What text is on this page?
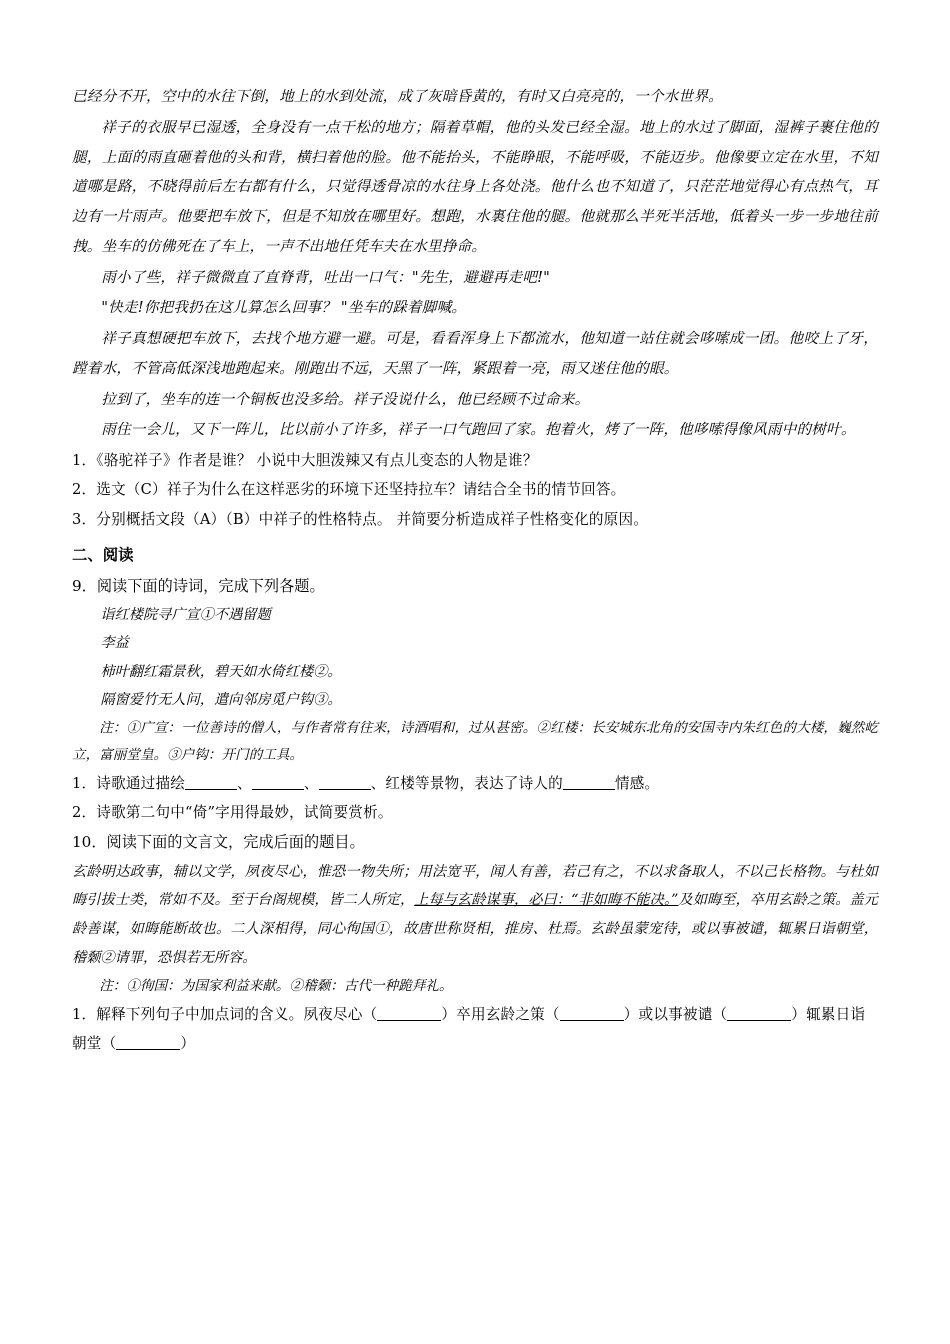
已经分不开，空中的水往下倒，地上的水到处流，成了灰暗昏黄的，有时又白亮亮的，一个水世界。

祥子的衣服早已湿透，全身没有一点干松的地方；隔着草帽，他的头发已经全湿。地上的水过了脚面，湿裤子裹住他的腿，上面的雨直砸着他的头和背，横扫着他的脸。他不能抬头，不能睁眼，不能呼吸，不能迈步。他像要立定在水里，不知道哪是路，不晓得前后左右都有什么，只觉得透骨凉的水往身上各处浇。他什么也不知道了，只茫茫地觉得心有点热气，耳边有一片雨声。他要把车放下，但是不知放在哪里好。想跑，水裏住他的腿。他就那么半死半活地，低着头一步一步地往前拽。坐车的仿佛死在了车上，一声不出地任凭车夫在水里挣命。

雨小了些，祥子微微直了直脊背，吐出一口气："先生，避避再走吧!"

"快走!你把我扔在这儿算怎么回事？ "坐车的跺着脚喊。

祥子真想硬把车放下，去找个地方避一避。可是，看看浑身上下都流水，他知道一站住就会哆嗦成一团。他咬上了牙，蹚着水，不管高低深浅地跑起来。刚跑出不远，天黑了一阵，紧跟着一亮，雨又迷住他的眼。

拉到了，坐车的连一个铜板也没多给。祥子没说什么，他已经顾不过命来。

雨住一会儿，又下一阵儿，比以前小了许多，祥子一口气跑回了家。抱着火，烤了一阵，他哆嗦得像风雨中的树叶。

1．《骆驼祥子》作者是谁？ 小说中大胆泼辣又有点儿变态的人物是谁？

2．选文（C）祥子为什么在这样恶劣的环境下还坚持拉车？请结合全书的情节回答。

3．分别概括文段（A）（B）中祥子的性格特点。 并简要分析造成祥子性格变化的原因。

二、阅读

9．阅读下面的诗词，完成下列各题。

诣红楼院寻广宣①不遇留题

李益

柿叶翻红霜景秋，碧天如水倚红楼②。

隔窗爱竹无人问，遣向邻房觅户钩③。

注：①广宣：一位善诗的僧人，与作者常有往来，诗酒唱和，过从甚密。②红楼：长安城东北角的安国寺内朱红色的大楼，巍然屹立，富丽堂皇。③户钩：开门的工具。

1．诗歌通过描绘	、	、	、红楼等景物，表达了诗人的	情感。

2．诗歌第二句中“倚”字用得最妙，试简要赏析。

10．阅读下面的文言文，完成后面的题目。

玄龄明达政事，辅以文学，夙夜尽心，惟恐一物失所；用法宽平，闻人有善，若己有之，不以求备取人，不以己长格物。与杜如晦引拔士类，常如不及。至于台阁规模，皆二人所定，上每与玄龄谋事，必曰：“非如晦不能决。”及如晦至，卒用玄龄之策。盖元龄善谋，如晦能断故也。二人深相得，同心徇国①，故唐世称贤相，推房、杜焉。玄龄虽蒙宠待，或以事被谴，辄累日诣朝堂，稽颡②请罪，恐惧若无所容。

注：①徇国：为国家利益来献。②稽颡：古代一种跪拜礼。

1．解释下列句子中加点词的含义。夙夜尽心（	）卒用玄龄之策（	）或以事被谴（	）辄累日诣朝堂（	）
